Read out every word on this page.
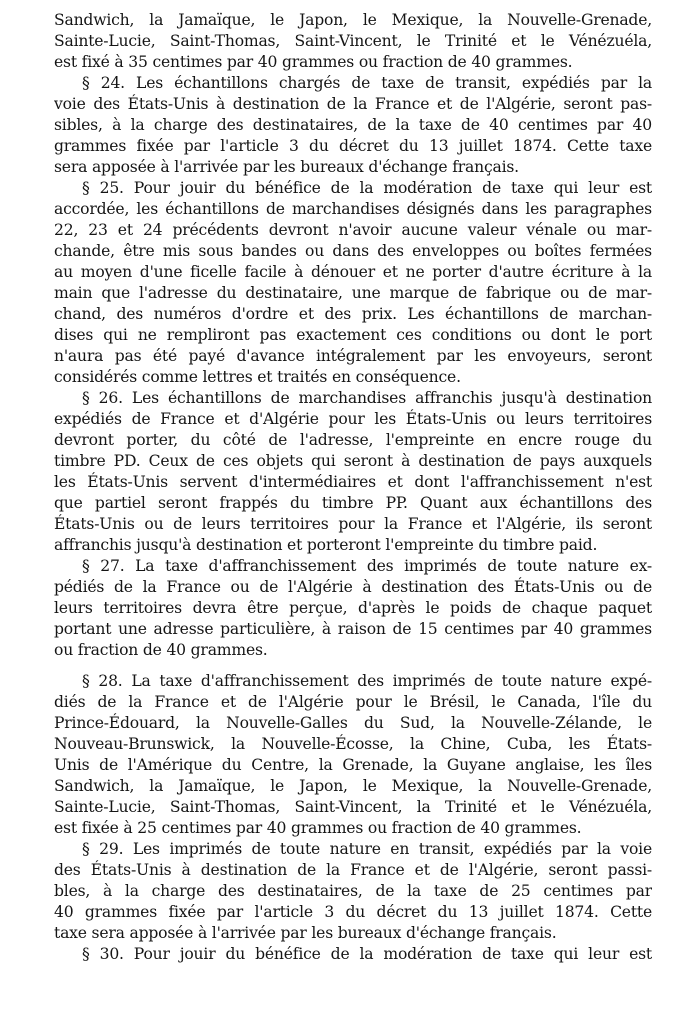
Sandwich, la Jamaïque, le Japon, le Mexique, la Nouvelle-Grenade,
Sainte-Lucie, Saint-Thomas, Saint-Vincent, le Trinité et le Vénézuéla,
est fixé à 35 centimes par 40 grammes ou fraction de 40 grammes.
§ 24. Les échantillons chargés de taxe de transit, expédiés par la
voie des États-Unis à destination de la France et de l'Algérie, seront pas-
sibles, à la charge des destinataires, de la taxe de 40 centimes par 40
grammes fixée par l'article 3 du décret du 13 juillet 1874. Cette taxe
sera apposée à l'arrivée par les bureaux d'échange français.
§ 25. Pour jouir du bénéfice de la modération de taxe qui leur est
accordée, les échantillons de marchandises désignés dans les paragraphes
22, 23 et 24 précédents devront n'avoir aucune valeur vénale ou mar-
chande, être mis sous bandes ou dans des enveloppes ou boîtes fermées
au moyen d'une ficelle facile à dénouer et ne porter d'autre écriture à la
main que l'adresse du destinataire, une marque de fabrique ou de mar-
chand, des numéros d'ordre et des prix. Les échantillons de marchan-
dises qui ne rempliront pas exactement ces conditions ou dont le port
n'aura pas été payé d'avance intégralement par les envoyeurs, seront
considérés comme lettres et traités en conséquence.
§ 26. Les échantillons de marchandises affranchis jusqu'à destination
expédiés de France et d'Algérie pour les États-Unis ou leurs territoires
devront porter, du côté de l'adresse, l'empreinte en encre rouge du
timbre PD. Ceux de ces objets qui seront à destination de pays auxquels
les États-Unis servent d'intermédiaires et dont l'affranchissement n'est
que partiel seront frappés du timbre PP. Quant aux échantillons des
États-Unis ou de leurs territoires pour la France et l'Algérie, ils seront
affranchis jusqu'à destination et porteront l'empreinte du timbre paid.
§ 27. La taxe d'affranchissement des imprimés de toute nature ex-
pédiés de la France ou de l'Algérie à destination des États-Unis ou de
leurs territoires devra être perçue, d'après le poids de chaque paquet
portant une adresse particulière, à raison de 15 centimes par 40 grammes
ou fraction de 40 grammes.
§ 28. La taxe d'affranchissement des imprimés de toute nature expé-
diés de la France et de l'Algérie pour le Brésil, le Canada, l'île du
Prince-Édouard, la Nouvelle-Galles du Sud, la Nouvelle-Zélande, le
Nouveau-Brunswick, la Nouvelle-Écosse, la Chine, Cuba, les États-
Unis de l'Amérique du Centre, la Grenade, la Guyane anglaise, les îles
Sandwich, la Jamaïque, le Japon, le Mexique, la Nouvelle-Grenade,
Sainte-Lucie, Saint-Thomas, Saint-Vincent, la Trinité et le Vénézuéla,
est fixée à 25 centimes par 40 grammes ou fraction de 40 grammes.
§ 29. Les imprimés de toute nature en transit, expédiés par la voie
des États-Unis à destination de la France et de l'Algérie, seront passi-
bles, à la charge des destinataires, de la taxe de 25 centimes par
40 grammes fixée par l'article 3 du décret du 13 juillet 1874. Cette
taxe sera apposée à l'arrivée par les bureaux d'échange français.
§ 30. Pour jouir du bénéfice de la modération de taxe qui leur est
